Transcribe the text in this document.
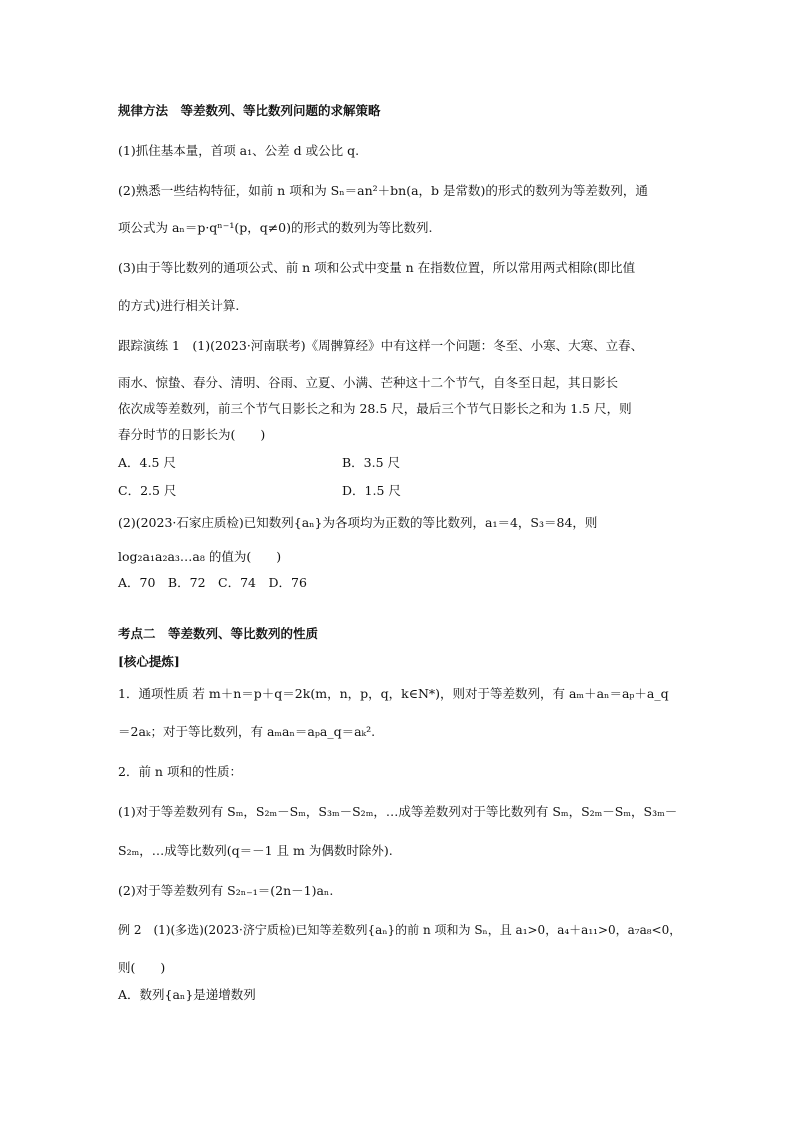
规律方法　等差数列、等比数列问题的求解策略
(1)抓住基本量，首项 a₁、公差 d 或公比 q.
(2)熟悉一些结构特征，如前 n 项和为 Sₙ＝an²＋bn(a，b 是常数)的形式的数列为等差数列，通
项公式为 aₙ＝p·qⁿ⁻¹(p，q≠0)的形式的数列为等比数列.
(3)由于等比数列的通项公式、前 n 项和公式中变量 n 在指数位置，所以常用两式相除(即比值
的方式)进行相关计算.
跟踪演练 1　(1)(2023·河南联考)《周髀算经》中有这样一个问题：冬至、小寒、大寒、立春、
雨水、惊蛰、春分、清明、谷雨、立夏、小满、芒种这十二个节气，自冬至日起，其日影长
依次成等差数列，前三个节气日影长之和为 28.5 尺，最后三个节气日影长之和为 1.5 尺，则
春分时节的日影长为(　　)
A．4.5 尺	B．3.5 尺
C．2.5 尺	D．1.5 尺
(2)(2023·石家庄质检)已知数列{aₙ}为各项均为正数的等比数列，a₁＝4，S₃＝84，则
log₂a₁a₂a₃…a₈ 的值为(　　)
A．70　B．72　C．74　D．76
考点二　等差数列、等比数列的性质
[核心提炼]
1．通项性质 若 m＋n＝p＋q＝2k(m，n，p，q，k∈N*)，则对于等差数列，有 aₘ＋aₙ＝aₚ＋a_q
＝2aₖ；对于等比数列，有 aₘaₙ＝aₚa_q＝aₖ².
2．前 n 项和的性质：
(1)对于等差数列有 Sₘ，S₂ₘ－Sₘ，S₃ₘ－S₂ₘ，…成等差数列对于等比数列有 Sₘ，S₂ₘ－Sₘ，S₃ₘ－
S₂ₘ，…成等比数列(q＝－1 且 m 为偶数时除外).
(2)对于等差数列有 S₂ₙ₋₁＝(2n－1)aₙ.
例 2　(1)(多选)(2023·济宁质检)已知等差数列{aₙ}的前 n 项和为 Sₙ，且 a₁>0，a₄＋a₁₁>0，a₇a₈<0，
则(　　)
A．数列{aₙ}是递增数列
